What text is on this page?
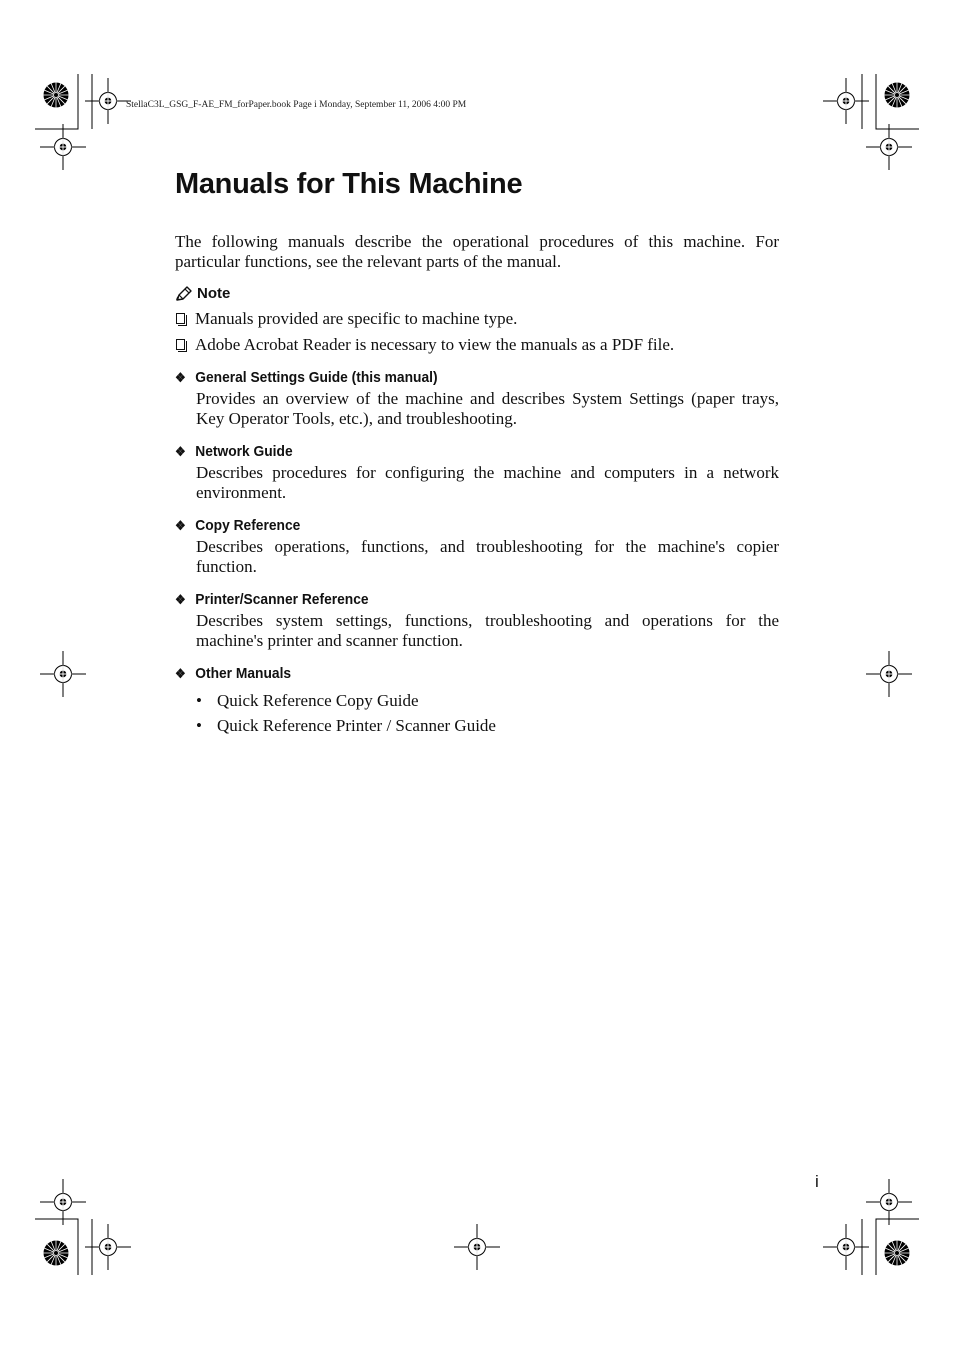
StellaC3L_GSG_F-AE_FM_forPaper.book Page i Monday, September 11, 2006 4:00 PM
Manuals for This Machine

The following manuals describe the operational procedures of this machine. For particular functions, see the relevant parts of the manual.

Note
Manuals provided are specific to machine type.
Adobe Acrobat Reader is necessary to view the manuals as a PDF file.
❖ General Settings Guide (this manual)
Provides an overview of the machine and describes System Settings (paper trays, Key Operator Tools, etc.), and troubleshooting.
❖ Network Guide
Describes procedures for configuring the machine and computers in a network environment.
❖ Copy Reference
Describes operations, functions, and troubleshooting for the machine's copier function.
❖ Printer/Scanner Reference
Describes system settings, functions, troubleshooting and operations for the machine's printer and scanner function.
❖ Other Manuals
• Quick Reference Copy Guide
• Quick Reference Printer / Scanner Guide
i
